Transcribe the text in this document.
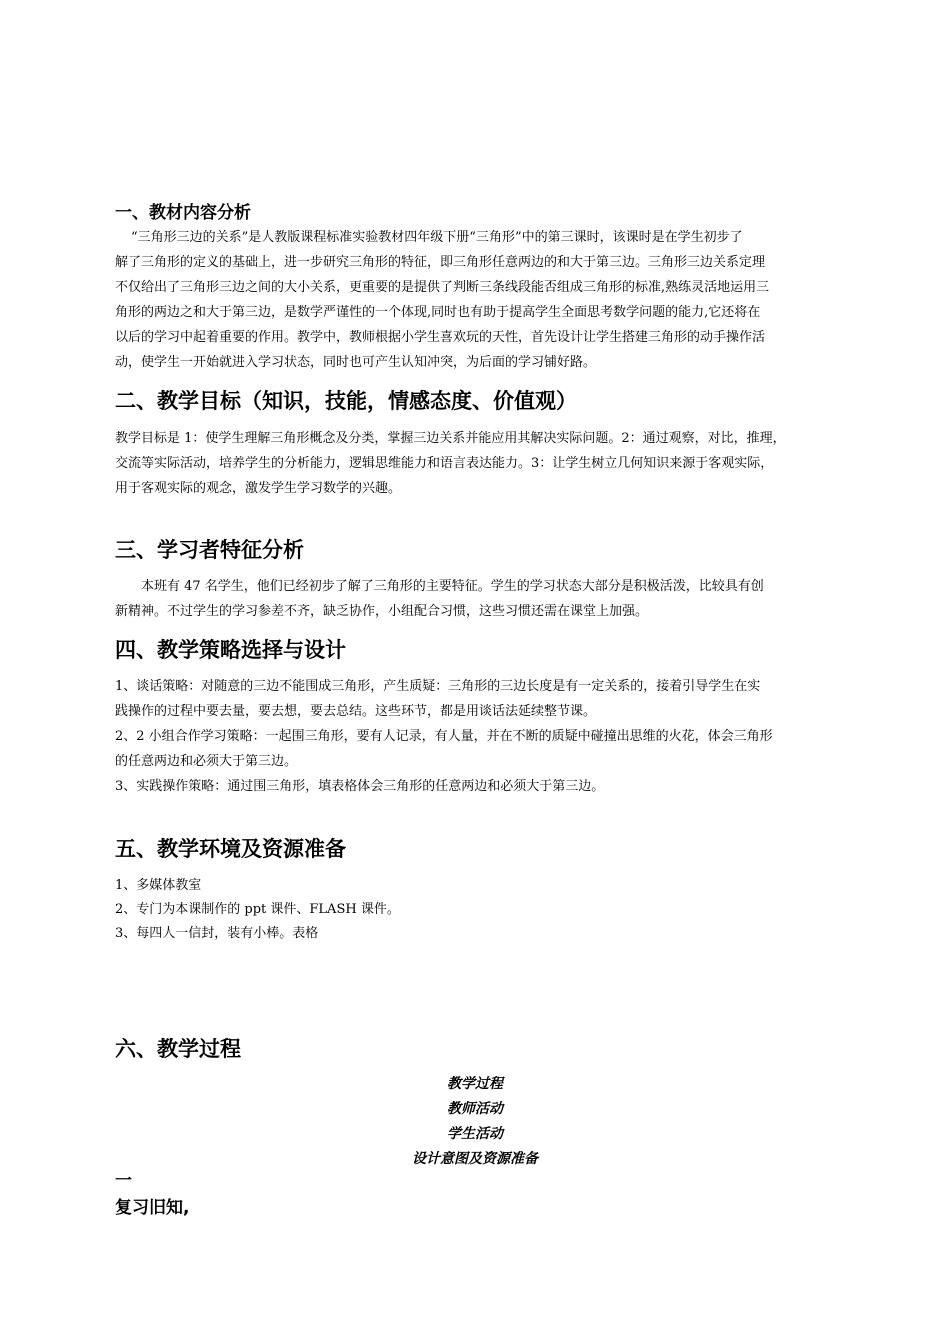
一、教材内容分析
“三角形三边的关系”是人教版课程标准实验教材四年级下册“三角形”中的第三课时，该课时是在学生初步了
解了三角形的定义的基础上，进一步研究三角形的特征，即三角形任意两边的和大于第三边。三角形三边关系定理
不仅给出了三角形三边之间的大小关系，更重要的是提供了判断三条线段能否组成三角形的标准,熟练灵活地运用三
角形的两边之和大于第三边，是数学严谨性的一个体现,同时也有助于提高学生全面思考数学问题的能力,它还将在
以后的学习中起着重要的作用。教学中，教师根据小学生喜欢玩的天性，首先设计让学生搭建三角形的动手操作活
动，使学生一开始就进入学习状态，同时也可产生认知冲突，为后面的学习铺好路。
二、教学目标（知识，技能，情感态度、价值观）
教学目标是 1：使学生理解三角形概念及分类，掌握三边关系并能应用其解决实际问题。2：通过观察，对比，推理，
交流等实际活动，培养学生的分析能力，逻辑思维能力和语言表达能力。3：让学生树立几何知识来源于客观实际，
用于客观实际的观念，激发学生学习数学的兴趣。
三、学习者特征分析
本班有 47 名学生，他们已经初步了解了三角形的主要特征。学生的学习状态大部分是积极活泼，比较具有创
新精神。不过学生的学习参差不齐，缺乏协作，小组配合习惯，这些习惯还需在课堂上加强。
四、教学策略选择与设计
1、谈话策略：对随意的三边不能围成三角形，产生质疑：三角形的三边长度是有一定关系的，接着引导学生在实
践操作的过程中要去量，要去想，要去总结。这些环节，都是用谈话法延续整节课。
2、2 小组合作学习策略：一起围三角形，要有人记录，有人量，并在不断的质疑中碰撞出思维的火花，体会三角形
的任意两边和必须大于第三边。
3、实践操作策略：通过围三角形，填表格体会三角形的任意两边和必须大于第三边。
五、教学环境及资源准备
1、多媒体教室
2、专门为本课制作的 ppt 课件、FLASH 课件。
3、每四人一信封，装有小棒。表格
六、教学过程
教学过程
教师活动
学生活动
设计意图及资源准备
一
复习旧知,
